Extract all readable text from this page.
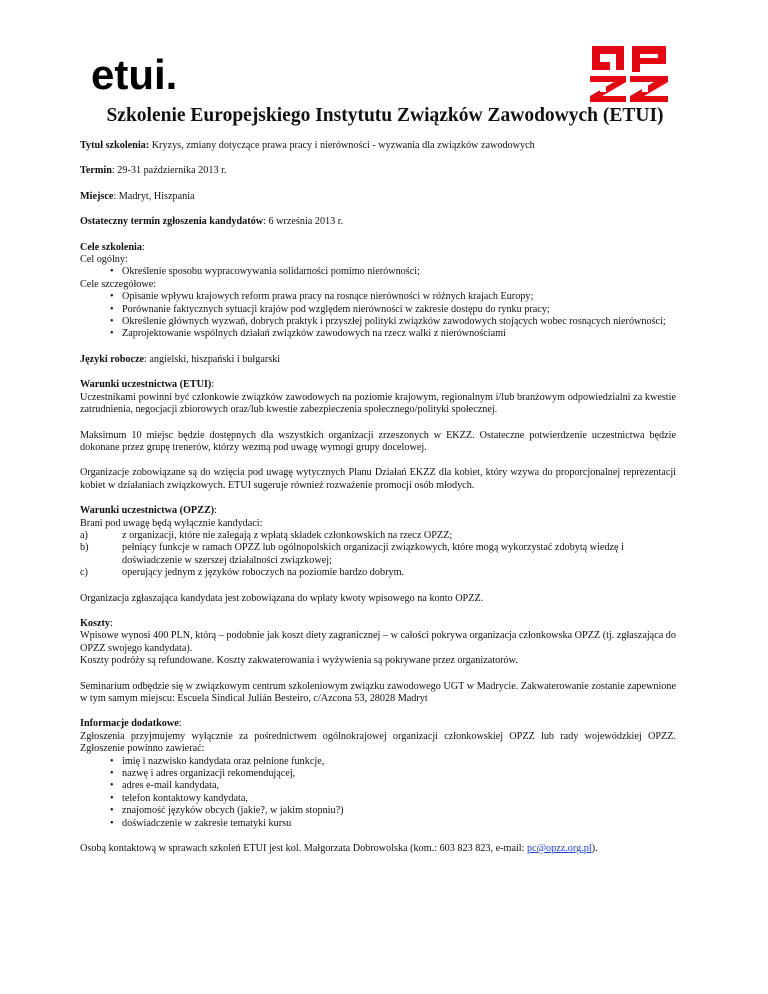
etui.
Szkolenie Europejskiego Instytutu Związków Zawodowych (ETUI)

Tytuł szkolenia: Kryzys, zmiany dotyczące prawa pracy i nierówności - wyzwania dla związków zawodowych

Termin: 29-31 października 2013 r.

Miejsce: Madryt, Hiszpania

Ostateczny termin zgłoszenia kandydatów: 6 września 2013 r.

Cele szkolenia:
Cel ogólny:
• Określenie sposobu wypracowywania solidarności pomimo nierówności;
Cele szczegółowe:
• Opisanie wpływu krajowych reform prawa pracy na rosnące nierówności w różnych krajach Europy;
• Porównanie faktycznych sytuacji krajów pod względem nierówności w zakresie dostępu do rynku pracy;
• Określenie głównych wyzwań, dobrych praktyk i przyszłej polityki związków zawodowych stojących wobec rosnących nierówności;
• Zaprojektowanie wspólnych działań związków zawodowych na rzecz walki z nierównościami

Języki robocze: angielski, hiszpański i bułgarski

Warunki uczestnictwa (ETUI):

Uczestnikami powinni być członkowie związków zawodowych na poziomie krajowym, regionalnym i/lub branżowym odpowiedzialni za kwestie zatrudnienia, negocjacji zbiorowych oraz/lub kwestie zabezpieczenia społecznego/polityki społecznej.

Maksimum 10 miejsc będzie dostępnych dla wszystkich organizacji zrzeszonych w EKZZ. Ostateczne potwierdzenie uczestnictwa będzie dokonane przez grupę trenerów, którzy wezmą pod uwagę wymogi grupy docelowej.

Organizacje zobowiązane są do wzięcia pod uwagę wytycznych Planu Działań EKZZ dla kobiet, który wzywa do proporcjonalnej reprezentacji kobiet w działaniach związkowych. ETUI sugeruje również rozważenie promocji osób młodych.

Warunki uczestnictwa (OPZZ):
Brani pod uwagę będą wyłącznie kandydaci:
a)	z organizacji, które nie zalegają z wpłatą składek członkowskich na rzecz OPZZ;
b)	pełniący funkcje w ramach OPZZ lub ogólnopolskich organizacji związkowych, które mogą wykorzystać zdobytą wiedzę i doświadczenie w szerszej działalności związkowej;
c)	operujący jednym z języków roboczych na poziomie bardzo dobrym.

Organizacja zgłaszająca kandydata jest zobowiązana do wpłaty kwoty wpisowego na konto OPZZ.

Koszty:
Wpisowe wynosi 400 PLN, którą – podobnie jak koszt diety zagranicznej – w całości pokrywa organizacja członkowska OPZZ (tj. zgłaszająca do OPZZ swojego kandydata).

Koszty podróży są refundowane. Koszty zakwaterowania i wyżywienia są pokrywane przez organizatorów.

Seminarium odbędzie się w związkowym centrum szkoleniowym związku zawodowego UGT w Madrycie. Zakwaterowanie zostanie zapewnione w tym samym miejscu: Escuela Sindical Julián Besteiro, c/Azcona 53, 28028 Madryt

Informacje dodatkowe:
Zgłoszenia przyjmujemy wyłącznie za pośrednictwem ogólnokrajowej organizacji członkowskiej OPZZ lub rady wojewódzkiej OPZZ. Zgłoszenie powinno zawierać:
• imię i nazwisko kandydata oraz pełnione funkcje,
• nazwę i adres organizacji rekomendującej,
• adres e-mail kandydata,
• telefon kontaktowy kandydata,
• znajomość języków obcych (jakie?, w jakim stopniu?)
• doświadczenie w zakresie tematyki kursu

Osobą kontaktową w sprawach szkoleń ETUI jest kol. Małgorzata Dobrowolska (kom.: 603 823 823, e-mail: pc@opzz.org.pl).
